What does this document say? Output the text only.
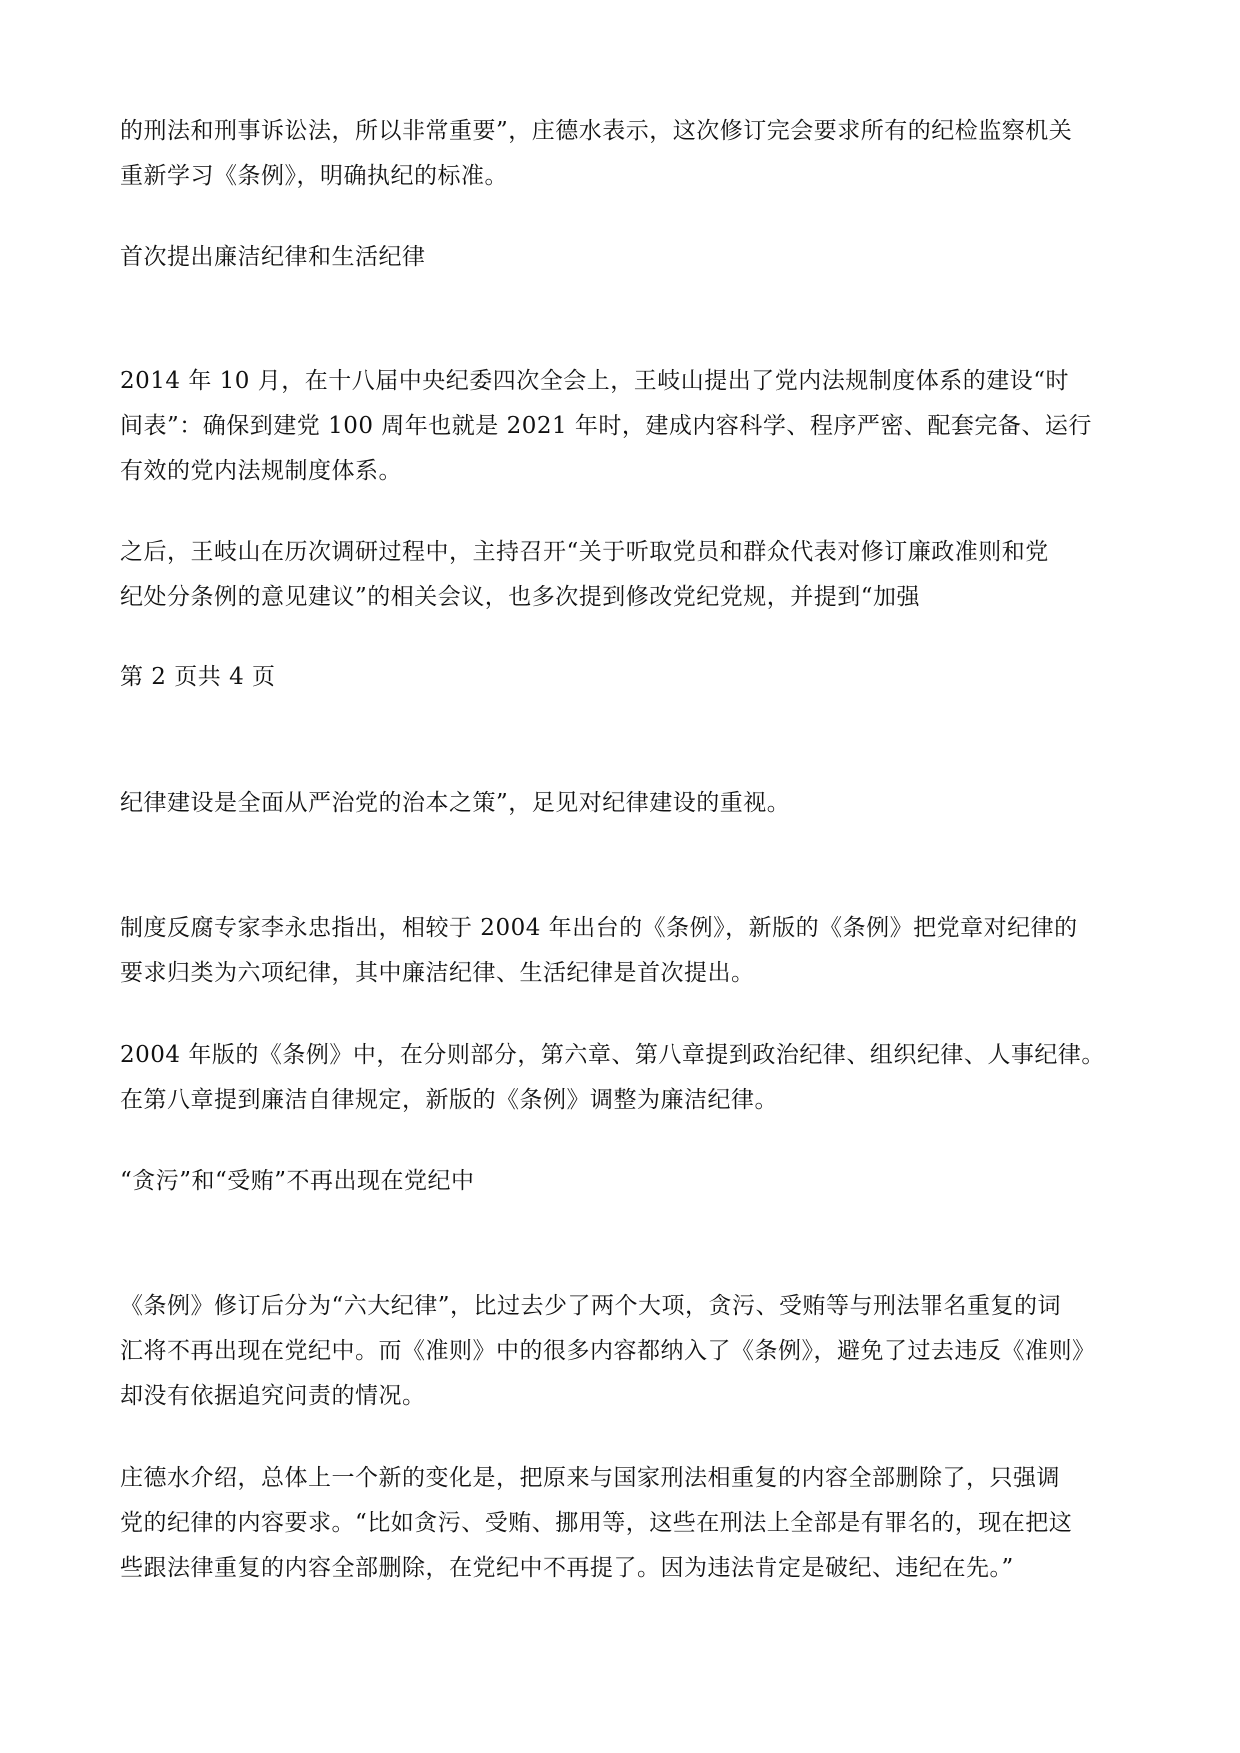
的刑法和刑事诉讼法，所以非常重要”，庄德水表示，这次修订完会要求所有的纪检监察机关
重新学习《条例》，明确执纪的标准。

首次提出廉洁纪律和生活纪律

2014 年 10 月，在十八届中央纪委四次全会上，王岐山提出了党内法规制度体系的建设“时
间表”：确保到建党 100 周年也就是 2021 年时，建成内容科学、程序严密、配套完备、运行
有效的党内法规制度体系。

之后，王岐山在历次调研过程中，主持召开“关于听取党员和群众代表对修订廉政准则和党
纪处分条例的意见建议”的相关会议，也多次提到修改党纪党规，并提到“加强

第 2 页共 4 页

纪律建设是全面从严治党的治本之策”，足见对纪律建设的重视。

制度反腐专家李永忠指出，相较于 2004 年出台的《条例》，新版的《条例》把党章对纪律的
要求归类为六项纪律，其中廉洁纪律、生活纪律是首次提出。

2004 年版的《条例》中，在分则部分，第六章、第八章提到政治纪律、组织纪律、人事纪律。
在第八章提到廉洁自律规定，新版的《条例》调整为廉洁纪律。

“贪污”和“受贿”不再出现在党纪中

《条例》修订后分为“六大纪律”，比过去少了两个大项，贪污、受贿等与刑法罪名重复的词
汇将不再出现在党纪中。而《准则》中的很多内容都纳入了《条例》，避免了过去违反《准则》
却没有依据追究问责的情况。

庄德水介绍，总体上一个新的变化是，把原来与国家刑法相重复的内容全部删除了，只强调
党的纪律的内容要求。“比如贪污、受贿、挪用等，这些在刑法上全部是有罪名的，现在把这
些跟法律重复的内容全部删除，在党纪中不再提了。因为违法肯定是破纪、违纪在先。”
